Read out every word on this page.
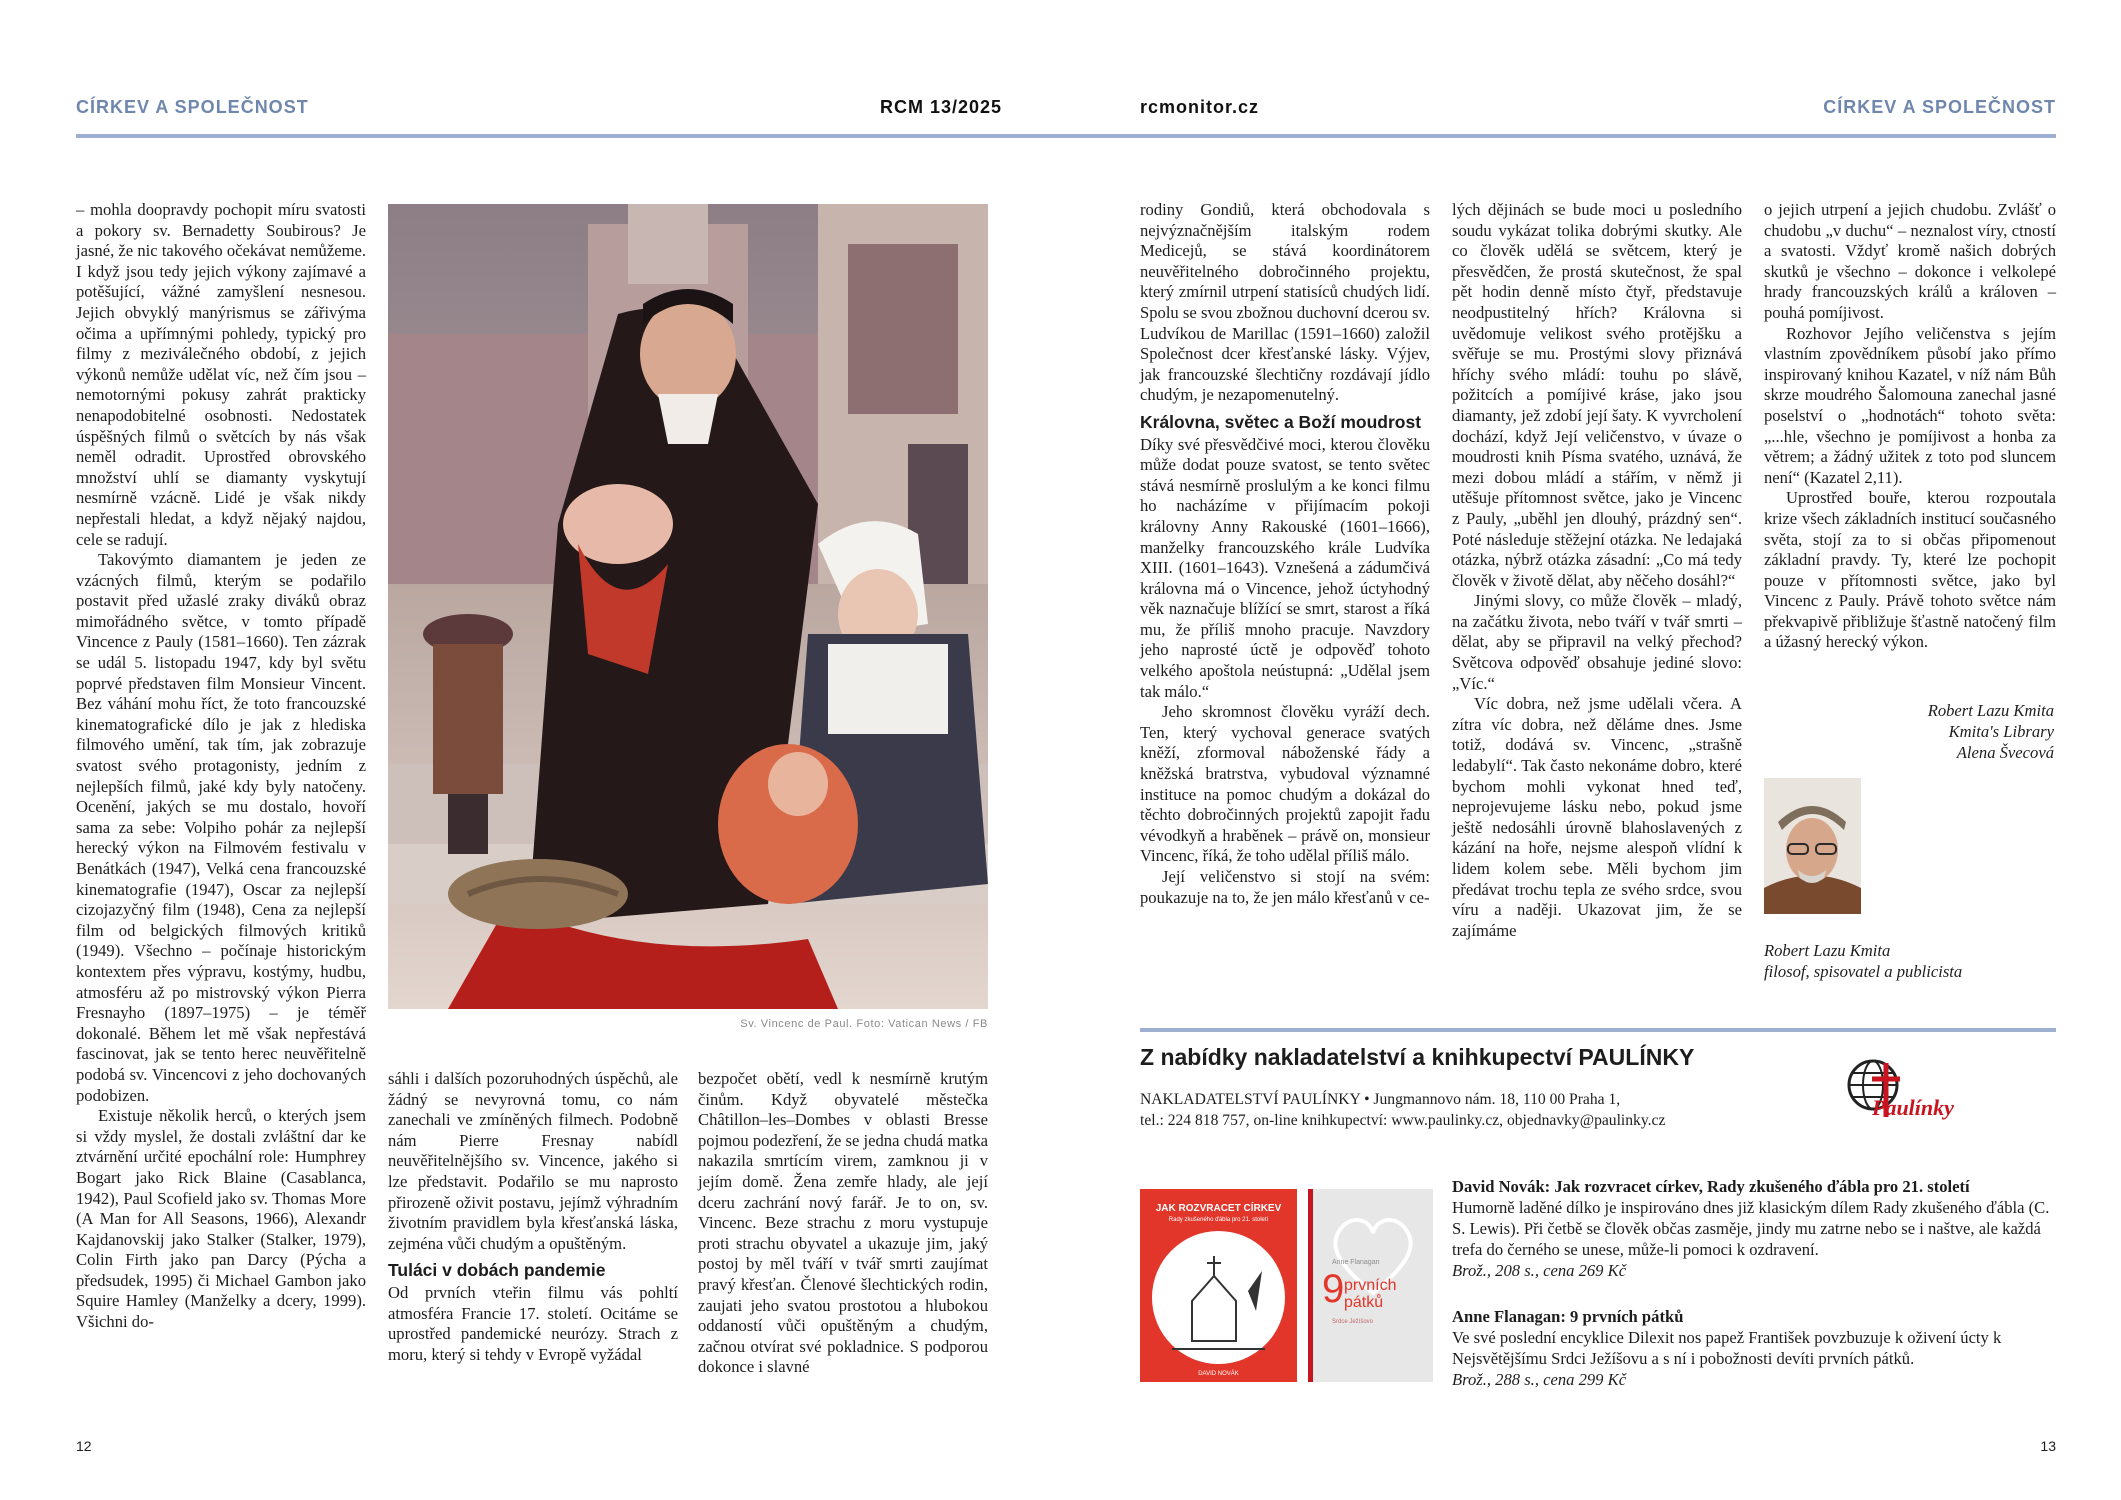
CÍRKEV A SPOLEČNOST	RCM 13/2025	rcmonitor.cz	CÍRKEV A SPOLEČNOST

– mohla doopravdy pochopit míru svatosti a pokory sv. Bernadetty Soubirous? Je jasné, že nic takového očekávat nemůžeme. I když jsou tedy jejich výkony zajímavé a potěšující, vážné zamyšlení nesnesou. Jejich obvyklý manýrismus se zářivýma očima a upřímnými pohledy, typický pro filmy z meziválečného období, z jejich výkonů nemůže udělat víc, než čím jsou – nemotornými pokusy zahrát prakticky nenapodobitelné osobnosti. Nedostatek úspěšných filmů o světcích by nás však neměl odradit. Uprostřed obrovského množství uhlí se diamanty vyskytují nesmírně vzácně. Lidé je však nikdy nepřestali hledat, a když nějaký najdou, cele se radují.

Takovýmto diamantem je jeden ze vzácných filmů, kterým se podařilo postavit před užaslé zraky diváků obraz mimořádného světce, v tomto případě Vincence z Pauly (1581–1660). Ten zázrak se udál 5. listopadu 1947, kdy byl světu poprvé představen film Monsieur Vincent. Bez váhání mohu říct, že toto francouzské kinematografické dílo je jak z hlediska filmového umění, tak tím, jak zobrazuje svatost svého protagonisty, jedním z nejlepších filmů, jaké kdy byly natočeny. Ocenění, jakých se mu dostalo, hovoří sama za sebe: Volpiho pohár za nejlepší herecký výkon na Filmovém festivalu v Benátkách (1947), Velká cena francouzské kinematografie (1947), Oscar za nejlepší cizojazyčný film (1948), Cena za nejlepší film od belgických filmových kritiků (1949). Všechno – počínaje historickým kontextem přes výpravu, kostýmy, hudbu, atmosféru až po mistrovský výkon Pierra Fresnayho (1897–1975) – je téměř dokonalé. Během let mě však nepřestává fascinovat, jak se tento herec neuvěřitelně podobá sv. Vincencovi z jeho dochovaných podobizen.

Existuje několik herců, o kterých jsem si vždy myslel, že dostali zvláštní dar ke ztvárnění určité epochální role: Humphrey Bogart jako Rick Blaine (Casablanca, 1942), Paul Scofield jako sv. Thomas More (A Man for All Seasons, 1966), Alexandr Kajdanovskij jako Stalker (Stalker, 1979), Colin Firth jako pan Darcy (Pýcha a předsudek, 1995) či Michael Gambon jako Squire Hamley (Manželky a dcery, 1999). Všichni do-

Sv. Vincenc de Paul. Foto: Vatican News / FB

sáhli i dalších pozoruhodných úspěchů, ale žádný se nevyrovná tomu, co nám zanechali ve zmíněných filmech. Podobně nám Pierre Fresnay nabídl neuvěřitelnějšího sv. Vincence, jakého si lze představit. Podařilo se mu naprosto přirozeně oživit postavu, jejímž výhradním životním pravidlem byla křesťanská láska, zejména vůči chudým a opuštěným.

Tuláci v dobách pandemie

Od prvních vteřin filmu vás pohltí atmosféra Francie 17. století. Ocitáme se uprostřed pandemické neurózy. Strach z moru, který si tehdy v Evropě vyžádal

bezpočet obětí, vedl k nesmírně krutým činům. Když obyvatelé městečka Châtillon–les–Dombes v oblasti Bresse pojmou podezření, že se jedna chudá matka nakazila smrtícím virem, zamknou ji v jejím domě. Žena zemře hlady, ale její dceru zachrání nový farář. Je to on, sv. Vincenc. Beze strachu z moru vystupuje proti strachu obyvatel a ukazuje jim, jaký postoj by měl tváří v tvář smrti zaujímat pravý křesťan. Členové šlechtických rodin, zaujati jeho svatou prostotou a hlubokou oddaností vůči opuštěným a chudým, začnou otvírat své pokladnice. S podporou dokonce i slavné

12

rodiny Gondiů, která obchodovala s nejvýznačnějším italským rodem Medicejů, se stává koordinátorem neuvěřitelného dobročinného projektu, který zmírnil utrpení statisíců chudých lidí. Spolu se svou zbožnou duchovní dcerou sv. Ludvíkou de Marillac (1591–1660) založil Společnost dcer křesťanské lásky. Výjev, jak francouzské šlechtičny rozdávají jídlo chudým, je nezapomenutelný.

Královna, světec a Boží moudrost

Díky své přesvědčivé moci, kterou člověku může dodat pouze svatost, se tento světec stává nesmírně proslulým a ke konci filmu ho nacházíme v přijímacím pokoji královny Anny Rakouské (1601–1666), manželky francouzského krále Ludvíka XIII. (1601–1643). Vznešená a zádumčivá královna má o Vincence, jehož úctyhodný věk naznačuje blížící se smrt, starost a říká mu, že příliš mnoho pracuje. Navzdory jeho naprosté úctě je odpověď tohoto velkého apoštola neústupná: „Udělal jsem tak málo.“

Jeho skromnost člověku vyráží dech. Ten, který vychoval generace svatých kněží, zformoval náboženské řády a kněžská bratrstva, vybudoval významné instituce na pomoc chudým a dokázal do těchto dobročinných projektů zapojit řadu vévodkyň a hraběnek – právě on, monsieur Vincenc, říká, že toho udělal příliš málo.

Její veličenstvo si stojí na svém: poukazuje na to, že jen málo křesťanů v ce-

lých dějinách se bude moci u posledního soudu vykázat tolika dobrými skutky. Ale co člověk udělá se světcem, který je přesvědčen, že prostá skutečnost, že spal pět hodin denně místo čtyř, představuje neodpustitelný hřích? Královna si uvědomuje velikost svého protějšku a svěřuje se mu. Prostými slovy přiznává hříchy svého mládí: touhu po slávě, požitcích a pomíjivé kráse, jako jsou diamanty, jež zdobí její šaty. K vyvrcholení dochází, když Její veličenstvo, v úvaze o moudrosti knih Písma svatého, uznává, že mezi dobou mládí a stářím, v němž ji utěšuje přítomnost světce, jako je Vincenc z Pauly, „uběhl jen dlouhý, prázdný sen“. Poté následuje stěžejní otázka. Ne ledajaká otázka, nýbrž otázka zásadní: „Co má tedy člověk v životě dělat, aby něčeho dosáhl?“

Jinými slovy, co může člověk – mladý, na začátku života, nebo tváří v tvář smrti – dělat, aby se připravil na velký přechod? Světcova odpověď obsahuje jediné slovo: „Víc.“

Víc dobra, než jsme udělali včera. A zítra víc dobra, než děláme dnes. Jsme totiž, dodává sv. Vincenc, „strašně ledabylí“. Tak často nekonáme dobro, které bychom mohli vykonat hned teď, neprojevujeme lásku nebo, pokud jsme ještě nedosáhli úrovně blahoslavených z kázání na hoře, nejsme alespoň vlídní k lidem kolem sebe. Měli bychom jim předávat trochu tepla ze svého srdce, svou víru a naději. Ukazovat jim, že se zajímáme

o jejich utrpení a jejich chudobu. Zvlášť o chudobu „v duchu“ – neznalost víry, ctností a svatosti. Vždyť kromě našich dobrých skutků je všechno – dokonce i velkolepé hrady francouzských králů a královen – pouhá pomíjivost.

Rozhovor Jejího veličenstva s jejím vlastním zpovědníkem působí jako přímo inspirovaný knihou Kazatel, v níž nám Bůh skrze moudrého Šalomouna zanechal jasné poselství o „hodnotách“ tohoto světa: „...hle, všechno je pomíjivost a honba za větrem; a žádný užitek z toto pod sluncem není“ (Kazatel 2,11).

Uprostřed bouře, kterou rozpoutala krize všech základních institucí současného světa, stojí za to si občas připomenout základní pravdy. Ty, které lze pochopit pouze v přítomnosti světce, jako byl Vincenc z Pauly. Právě tohoto světce nám překvapivě přibližuje šťastně natočený film a úžasný herecký výkon.

Robert Lazu Kmita
Kmita's Library
Alena Švecová
Robert Lazu Kmita
filosof, spisovatel a publicista
Z nabídky nakladatelství a knihkupectví PAULÍNKY
NAKLADATELSTVÍ PAULÍNKY • Jungmannovo nám. 18, 110 00 Praha 1,
tel.: 224 818 757, on-line knihkupectví: www.paulinky.cz, objednavky@paulinky.cz
Paulínky
JAK ROZVRACET CÍRKEV
Rady zkušeného ďábla pro 21. století
DAVID NOVÁK
Anne Flanagan
9 prvních
pátků
Srdce Ježíšovo

David Novák: Jak rozvracet církev, Rady zkušeného ďábla pro 21. století

Humorně laděné dílko je inspirováno dnes již klasickým dílem Rady zkušeného ďábla (C. S. Lewis). Při četbě se člověk občas zasměje, jindy mu zatrne nebo se i naštve, ale každá trefa do černého se unese, může-li pomoci k ozdravení.

Brož., 208 s., cena 269 Kč

Anne Flanagan: 9 prvních pátků

Ve své poslední encyklice Dilexit nos papež František povzbuzuje k oživení úcty k Nejsvětějšímu Srdci Ježíšovu a s ní i pobožnosti devíti prvních pátků.

Brož., 288 s., cena 299 Kč

13
